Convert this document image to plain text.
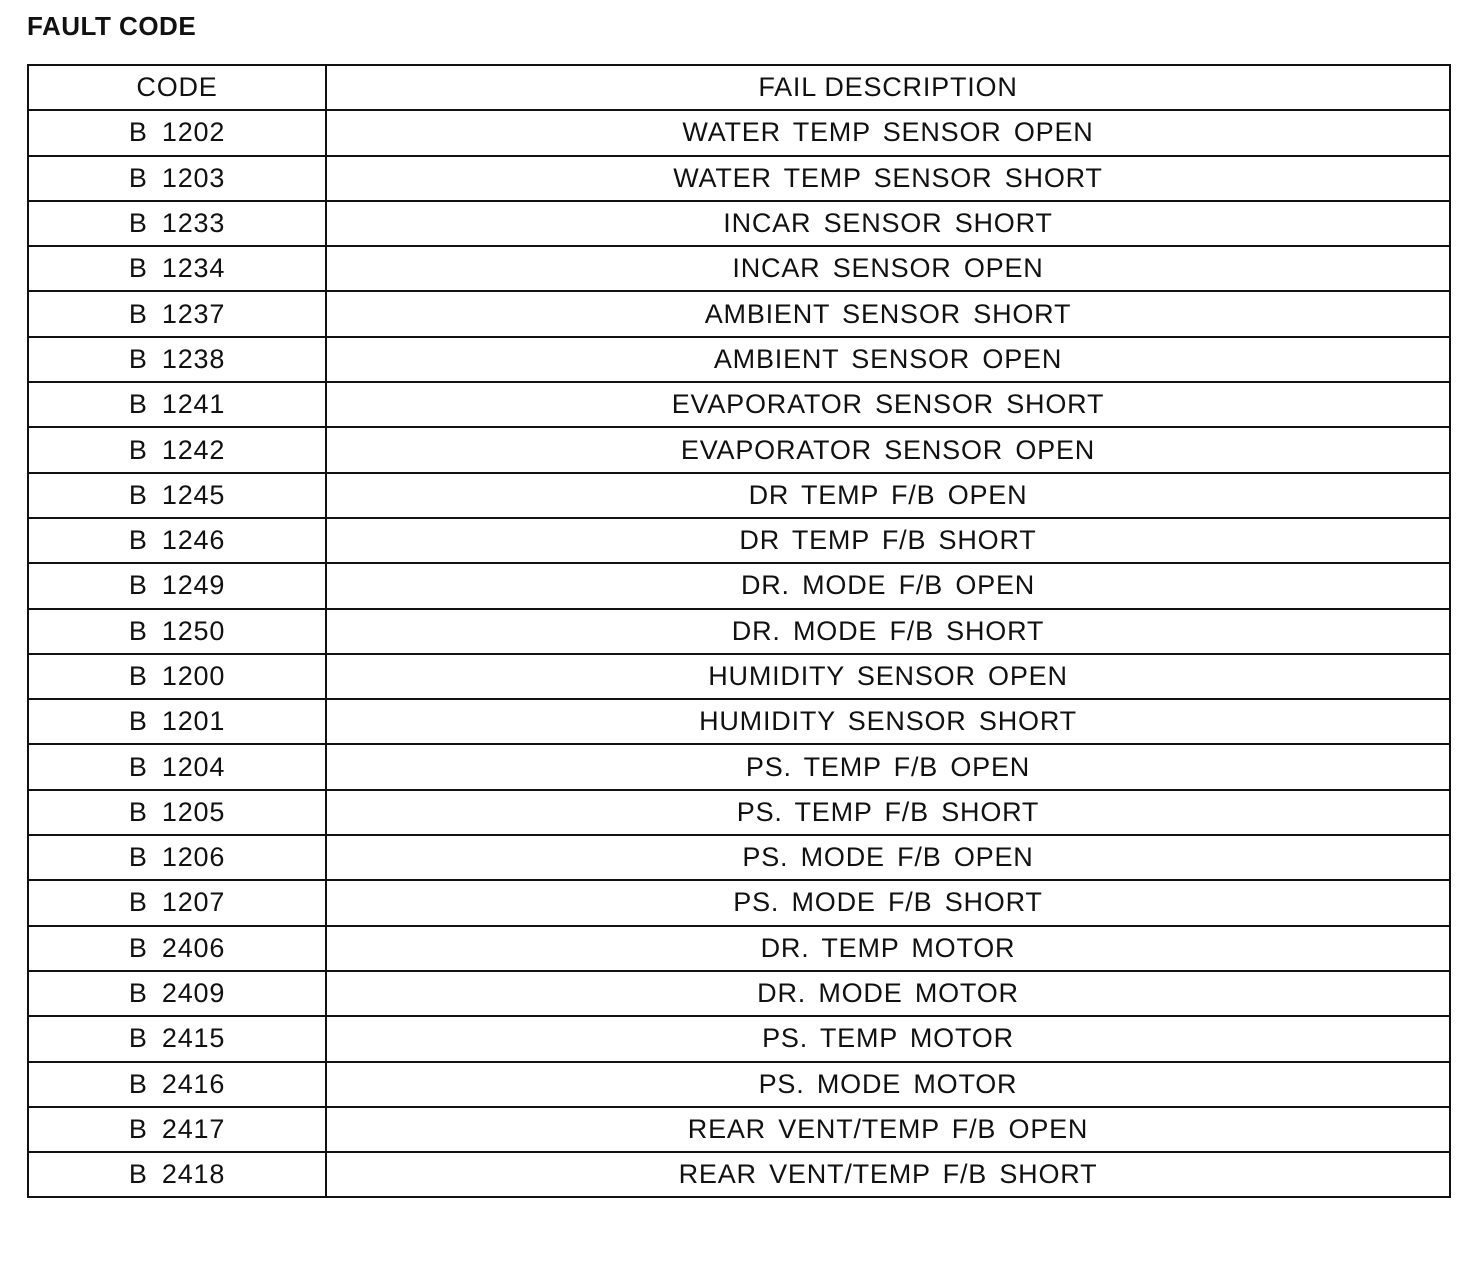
FAULT CODE
CODE	FAIL DESCRIPTION
B 1202	WATER TEMP SENSOR OPEN
B 1203	WATER TEMP SENSOR SHORT
B 1233	INCAR SENSOR SHORT
B 1234	INCAR SENSOR OPEN
B 1237	AMBIENT SENSOR SHORT
B 1238	AMBIENT SENSOR OPEN
B 1241	EVAPORATOR SENSOR SHORT
B 1242	EVAPORATOR SENSOR OPEN
B 1245	DR TEMP F/B OPEN
B 1246	DR TEMP F/B SHORT
B 1249	DR. MODE F/B OPEN
B 1250	DR. MODE F/B SHORT
B 1200	HUMIDITY SENSOR OPEN
B 1201	HUMIDITY SENSOR SHORT
B 1204	PS. TEMP F/B OPEN
B 1205	PS. TEMP F/B SHORT
B 1206	PS. MODE F/B OPEN
B 1207	PS. MODE F/B SHORT
B 2406	DR. TEMP MOTOR
B 2409	DR. MODE MOTOR
B 2415	PS. TEMP MOTOR
B 2416	PS. MODE MOTOR
B 2417	REAR VENT/TEMP F/B OPEN
B 2418	REAR VENT/TEMP F/B SHORT
